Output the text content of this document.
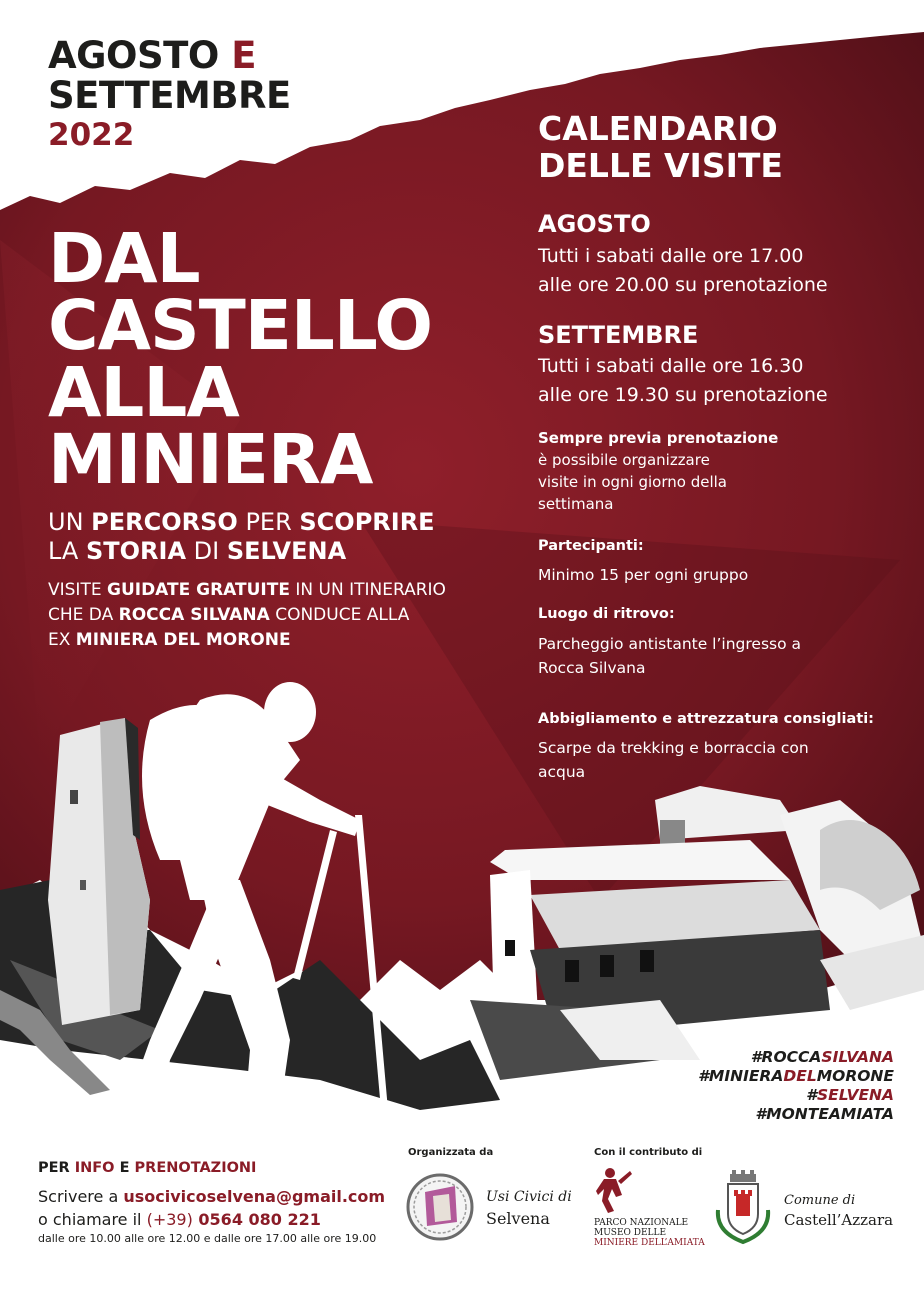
AGOSTO E
SETTEMBRE
2022
DAL
CASTELLO
ALLA
MINIERA
UN PERCORSO PER SCOPRIRE
LA STORIA DI SELVENA
VISITE GUIDATE GRATUITE IN UN ITINERARIO
CHE DA ROCCA SILVANA CONDUCE ALLA
EX MINIERA DEL MORONE
CALENDARIO
DELLE VISITE
AGOSTO
Tutti i sabati dalle ore 17.00
alle ore 20.00 su prenotazione
SETTEMBRE
Tutti i sabati dalle ore 16.30
alle ore 19.30 su prenotazione
Sempre previa prenotazione
è possibile organizzare
visite in ogni giorno della
settimana
Partecipanti:
Minimo 15 per ogni gruppo
Luogo di ritrovo:
Parcheggio antistante l’ingresso a
Rocca Silvana
Abbigliamento e attrezzatura consigliati:
Scarpe da trekking e borraccia con
acqua
#ROCCASILVANA
#MINIERADELMORONE
#SELVENA
#MONTEAMIATA
PER INFO E PRENOTAZIONI
Scrivere a usocivicoselvena@gmail.com
o chiamare il (+39) 0564 080 221
dalle ore 10.00 alle ore 12.00 e dalle ore 17.00 alle ore 19.00
Organizzata da
Usi Civici di
Selvena
Con il contributo di
PARCO NAZIONALE
MUSEO DELLE
MINIERE DELL’AMIATA
Comune di
Castell’Azzara
